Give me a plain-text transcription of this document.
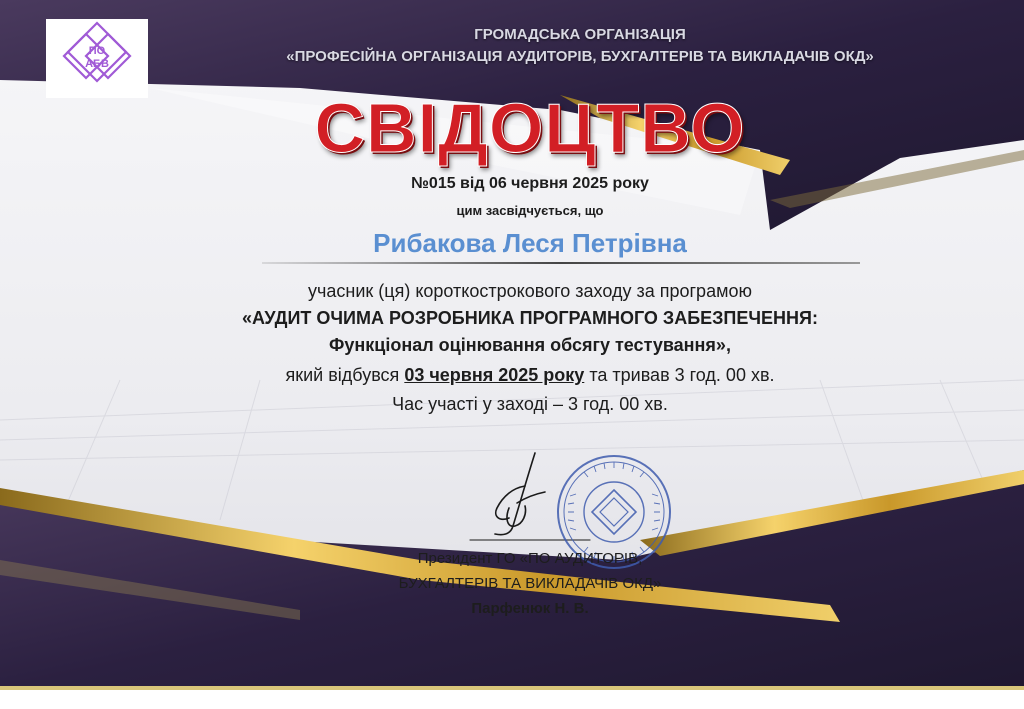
ПО
АБВ
ГРОМАДСЬКА ОРГАНІЗАЦІЯ
«ПРОФЕСІЙНА ОРГАНІЗАЦІЯ АУДИТОРІВ, БУХГАЛТЕРІВ ТА ВИКЛАДАЧІВ ОКД»
СВІДОЦТВО
№015 від 06 червня 2025 року
цим засвідчується, що
Рибакова Леся Петрівна
учасник (ця) короткострокового заходу за програмою
«АУДИТ ОЧИМА РОЗРОБНИКА ПРОГРАМНОГО ЗАБЕЗПЕЧЕННЯ:
Функціонал оцінювання обсягу тестування»,
який відбувся 03 червня 2025 року та тривав 3 год. 00 хв.
Час участі у заході – 3 год. 00 хв.
Президент ГО «ПО АУДИТОРІВ,
БУХГАЛТЕРІВ ТА ВИКЛАДАЧІВ ОКД»
Парфенюк Н. В.
